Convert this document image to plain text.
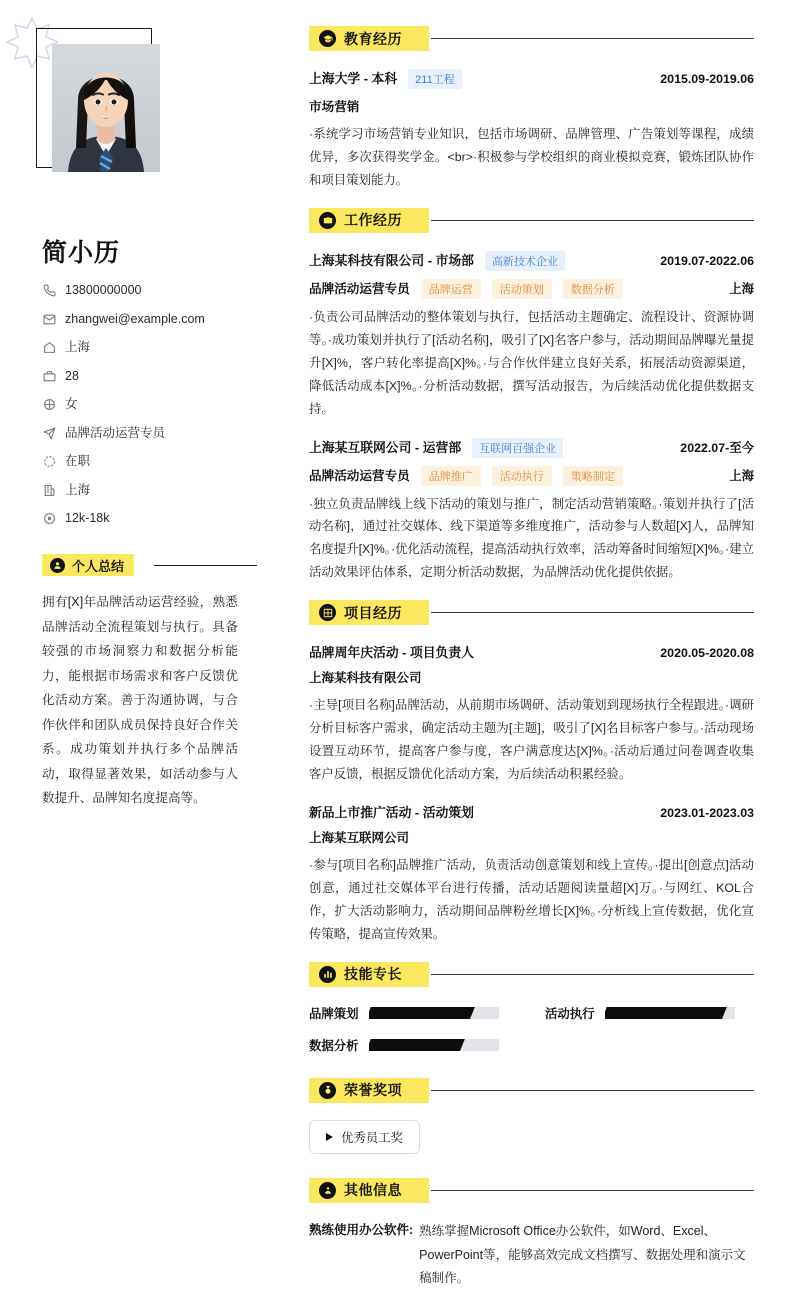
简小历
13800000000
zhangwei@example.com
上海
28
女
品牌活动运营专员
在职
上海
12k-18k
个人总结

拥有[X]年品牌活动运营经验，熟悉品牌活动全流程策划与执行。具备较强的市场洞察力和数据分析能力，能根据市场需求和客户反馈优化活动方案。善于沟通协调，与合作伙伴和团队成员保持良好合作关系。成功策划并执行多个品牌活动，取得显著效果，如活动参与人数提升、品牌知名度提高等。

教育经历
上海大学 - 本科	211工程	2015.09-2019.06
市场营销
·系统学习市场营销专业知识，包括市场调研、品牌管理、广告策划等课程，成绩优异，多次获得奖学金。<br>·积极参与学校组织的商业模拟竞赛，锻炼团队协作和项目策划能力。
工作经历
上海某科技有限公司 - 市场部	高新技术企业	2019.07-2022.06
品牌活动运营专员	品牌运营	活动策划	数据分析	上海
·负责公司品牌活动的整体策划与执行，包括活动主题确定、流程设计、资源协调等。·成功策划并执行了[活动名称]，吸引了[X]名客户参与，活动期间品牌曝光量提升[X]%，客户转化率提高[X]%。·与合作伙伴建立良好关系，拓展活动资源渠道，降低活动成本[X]%。·分析活动数据，撰写活动报告，为后续活动优化提供数据支持。
上海某互联网公司 - 运营部	互联网百强企业	2022.07-至今
品牌活动运营专员	品牌推广	活动执行	策略制定	上海
·独立负责品牌线上线下活动的策划与推广，制定活动营销策略。·策划并执行了[活动名称]，通过社交媒体、线下渠道等多维度推广，活动参与人数超[X]人，品牌知名度提升[X]%。·优化活动流程，提高活动执行效率，活动筹备时间缩短[X]%。·建立活动效果评估体系，定期分析活动数据，为品牌活动优化提供依据。
项目经历
品牌周年庆活动 - 项目负责人	2020.05-2020.08
上海某科技有限公司
·主导[项目名称]品牌活动，从前期市场调研、活动策划到现场执行全程跟进。·调研分析目标客户需求，确定活动主题为[主题]，吸引了[X]名目标客户参与。·活动现场设置互动环节，提高客户参与度，客户满意度达[X]%。·活动后通过问卷调查收集客户反馈，根据反馈优化活动方案，为后续活动积累经验。
新品上市推广活动 - 活动策划	2023.01-2023.03
上海某互联网公司
·参与[项目名称]品牌推广活动，负责活动创意策划和线上宣传。·提出[创意点]活动创意，通过社交媒体平台进行传播，活动话题阅读量超[X]万。·与网红、KOL合作，扩大活动影响力，活动期间品牌粉丝增长[X]%。·分析线上宣传数据，优化宣传策略，提高宣传效果。
技能专长
品牌策划	活动执行
数据分析
荣誉奖项
优秀员工奖
其他信息
熟练使用办公软件: 熟练掌握Microsoft Office办公软件，如Word、Excel、PowerPoint等，能够高效完成文档撰写、数据处理和演示文稿制作。
